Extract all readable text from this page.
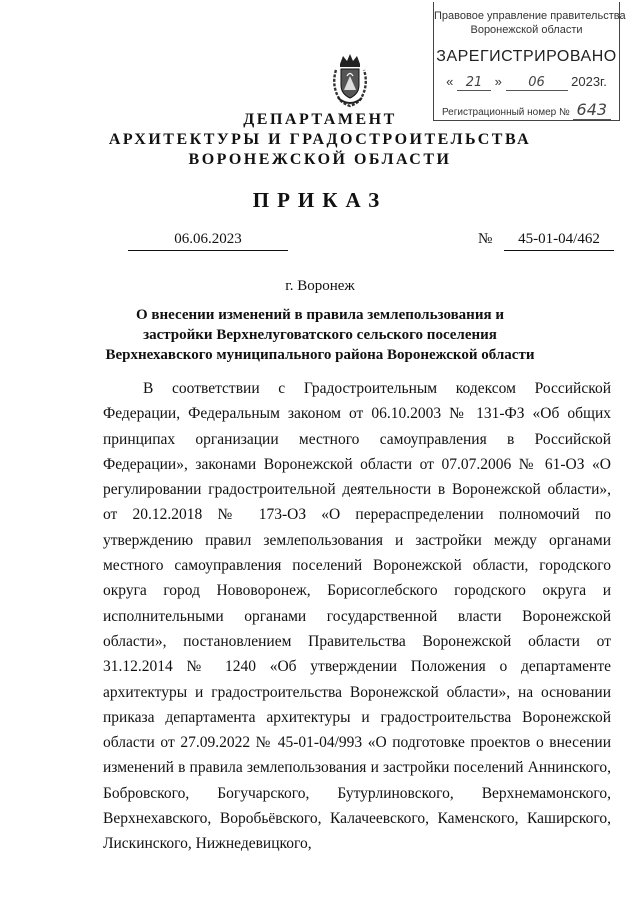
Правовое управление правительства
Воронежской области
ЗАРЕГИСТРИРОВАНО
« 21 » 06 2023г.
Регистрационный номер № 643
ДЕПАРТАМЕНТ
АРХИТЕКТУРЫ И ГРАДОСТРОИТЕЛЬСТВА
ВОРОНЕЖСКОЙ ОБЛАСТИ
ПРИКАЗ
06.06.2023	№	45-01-04/462
г. Воронеж
О внесении изменений в правила землепользования и застройки Верхнелуговатского сельского поселения Верхнехавского муниципального района Воронежской области

В соответствии с Градостроительным кодексом Российской Федерации, Федеральным законом от 06.10.2003 № 131-ФЗ «Об общих принципах организации местного самоуправления в Российской Федерации», законами Воронежской области от 07.07.2006 № 61-ОЗ «О регулировании градостроительной деятельности в Воронежской области», от 20.12.2018 № 173-ОЗ «О перераспределении полномочий по утверждению правил землепользования и застройки между органами местного самоуправления поселений Воронежской области, городского округа город Нововоронеж, Борисоглебского городского округа и исполнительными органами государственной власти Воронежской области», постановлением Правительства Воронежской области от 31.12.2014 № 1240 «Об утверждении Положения о департаменте архитектуры и градостроительства Воронежской области», на основании приказа департамента архитектуры и градостроительства Воронежской области от 27.09.2022 № 45-01-04/993 «О подготовке проектов о внесении изменений в правила землепользования и застройки поселений Аннинского, Бобровского, Богучарского, Бутурлиновского, Верхнемамонского, Верхнехавского, Воробьёвского, Калачеевского, Каменского, Каширского, Лискинского, Нижнедевицкого,
